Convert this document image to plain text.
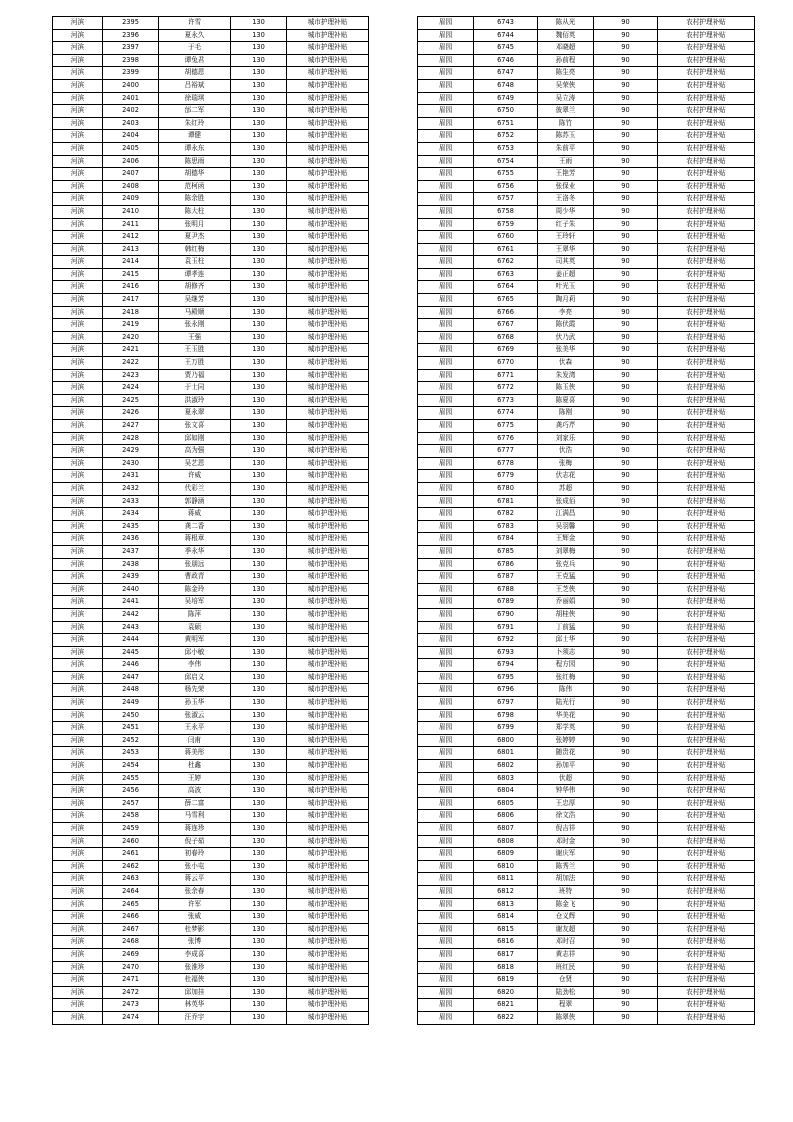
河滨	2395	许雪	130	城市护理补贴
河滨	2396	夏永久	130	城市护理补贴
河滨	2397	于毛	130	城市护理补贴
河滨	2398	谭兔君	130	城市护理补贴
河滨	2399	胡德恩	130	城市护理补贴
河滨	2400	吕裕斌	130	城市护理补贴
河滨	2401	徐瑞琪	130	城市护理补贴
河滨	2402	邰二军	130	城市护理补贴
河滨	2403	朱红玲	130	城市护理补贴
河滨	2404	谭健	130	城市护理补贴
河滨	2405	谭永东	130	城市护理补贴
河滨	2406	陈思雨	130	城市护理补贴
河滨	2407	胡德华	130	城市护理补贴
河滨	2408	范柯函	130	城市护理补贴
河滨	2409	陈余胜	130	城市护理补贴
河滨	2410	陈大柱	130	城市护理补贴
河滨	2411	张明月	130	城市护理补贴
河滨	2412	夏尹杰	130	城市护理补贴
河滨	2413	韩红梅	130	城市护理补贴
河滨	2414	袁玉柱	130	城市护理补贴
河滨	2415	谭孝连	130	城市护理补贴
河滨	2416	胡修齐	130	城市护理补贴
河滨	2417	吴继芳	130	城市护理补贴
河滨	2418	马殿顺	130	城市护理补贴
河滨	2419	张永刚	130	城市护理补贴
河滨	2420	王强	130	城市护理补贴
河滨	2421	王玉胜	130	城市护理补贴
河滨	2422	王万胜	130	城市护理补贴
河滨	2423	贾乃福	130	城市护理补贴
河滨	2424	于士同	130	城市护理补贴
河滨	2425	洪淑玲	130	城市护理补贴
河滨	2426	夏永翠	130	城市护理补贴
河滨	2427	张文喜	130	城市护理补贴
河滨	2428	邱如刚	130	城市护理补贴
河滨	2429	高为强	130	城市护理补贴
河滨	2430	吴艺恩	130	城市护理补贴
河滨	2431	许威	130	城市护理补贴
河滨	2432	代彩兰	130	城市护理补贴
河滨	2433	郭静涵	130	城市护理补贴
河滨	2434	蒋威	130	城市护理补贴
河滨	2435	龚二香	130	城市护理补贴
河滨	2436	蒋根章	130	城市护理补贴
河滨	2437	季永华	130	城市护理补贴
河滨	2438	张朋远	130	城市护理补贴
河滨	2439	曹政青	130	城市护理补贴
河滨	2440	陈金玲	130	城市护理补贴
河滨	2441	吴培军	130	城市护理补贴
河滨	2442	陈萍	130	城市护理补贴
河滨	2443	袁硕	130	城市护理补贴
河滨	2444	黄明军	130	城市护理补贴
河滨	2445	邱小敏	130	城市护理补贴
河滨	2446	李伟	130	城市护理补贴
河滨	2447	邱启义	130	城市护理补贴
河滨	2448	杨先荣	130	城市护理补贴
河滨	2449	孙玉华	130	城市护理补贴
河滨	2450	张淑云	130	城市护理补贴
河滨	2451	王永平	130	城市护理补贴
河滨	2452	闫甫	130	城市护理补贴
河滨	2453	蒋美彤	130	城市护理补贴
河滨	2454	杜鑫	130	城市护理补贴
河滨	2455	王婷	130	城市护理补贴
河滨	2456	高波	130	城市护理补贴
河滨	2457	薛二富	130	城市护理补贴
河滨	2458	马雪利	130	城市护理补贴
河滨	2459	蒋连珍	130	城市护理补贴
河滨	2460	倪子茹	130	城市护理补贴
河滨	2461	初春玲	130	城市护理补贴
河滨	2462	张小屯	130	城市护理补贴
河滨	2463	蒋云平	130	城市护理补贴
河滨	2464	张余春	130	城市护理补贴
河滨	2465	许军	130	城市护理补贴
河滨	2466	张威	130	城市护理补贴
河滨	2467	杜梦影	130	城市护理补贴
河滨	2468	张博	130	城市护理补贴
河滨	2469	李成喜	130	城市护理补贴
河滨	2470	张淮珍	130	城市护理补贴
河滨	2471	杜福侠	130	城市护理补贴
河滨	2472	邱加挂	130	城市护理补贴
河滨	2473	林英华	130	城市护理补贴
河滨	2474	汪乔宇	130	城市护理补贴
眉园	6743	陈从光	90	农村护理补贴
眉园	6744	魏佰英	90	农村护理补贴
眉园	6745	邓晓超	90	农村护理补贴
眉园	6746	孙前程	90	农村护理补贴
眉园	6747	陈生亮	90	农村护理补贴
眉园	6748	吴荣侠	90	农村护理补贴
眉园	6749	吴立涛	90	农村护理补贴
眉园	6750	彼翠兰	90	农村护理补贴
眉园	6751	陈竹	90	农村护理补贴
眉园	6752	陈苏玉	90	农村护理补贴
眉园	6753	朱前平	90	农村护理补贴
眉园	6754	王雨	90	农村护理补贴
眉园	6755	王艳芳	90	农村护理补贴
眉园	6756	张保业	90	农村护理补贴
眉园	6757	王洛冬	90	农村护理补贴
眉园	6758	周少华	90	农村护理补贴
眉园	6759	红子朱	90	农村护理补贴
眉园	6760	王玲轩	90	农村护理补贴
眉园	6761	王翠华	90	农村护理补贴
眉园	6762	司其英	90	农村护理补贴
眉园	6763	姜正超	90	农村护理补贴
眉园	6764	叶光玉	90	农村护理补贴
眉园	6765	陶月莉	90	农村护理补贴
眉园	6766	李亮	90	农村护理补贴
眉园	6767	陈伏霞	90	农村护理补贴
眉园	6768	伏乃武	90	农村护理补贴
眉园	6769	张美华	90	农村护理补贴
眉园	6770	伏森	90	农村护理补贴
眉园	6771	朱发湾	90	农村护理补贴
眉园	6772	陈玉侠	90	农村护理补贴
眉园	6773	陈夏喜	90	农村护理补贴
眉园	6774	陈刚	90	农村护理补贴
眉园	6775	龚巧芹	90	农村护理补贴
眉园	6776	刘家乐	90	农村护理补贴
眉园	6777	伏浩	90	农村护理补贴
眉园	6778	张梅	90	农村护理补贴
眉园	6779	伏志花	90	农村护理补贴
眉园	6780	苏超	90	农村护理补贴
眉园	6781	张成佰	90	农村护理补贴
眉园	6782	江满昌	90	农村护理补贴
眉园	6783	吴羽馨	90	农村护理补贴
眉园	6784	王辉金	90	农村护理补贴
眉园	6785	刘翠梅	90	农村护理补贴
眉园	6786	张克兵	90	农村护理补贴
眉园	6787	王克猛	90	农村护理补贴
眉园	6788	王芝侠	90	农村护理补贴
眉园	6789	乔丽娟	90	农村护理补贴
眉园	6790	胡桂侠	90	农村护理补贴
眉园	6791	丁前猛	90	农村护理补贴
眉园	6792	邱士华	90	农村护理补贴
眉园	6793	卜须志	90	农村护理补贴
眉园	6794	程方园	90	农村护理补贴
眉园	6795	张红梅	90	农村护理补贴
眉园	6796	陈伟	90	农村护理补贴
眉园	6797	陆光行	90	农村护理补贴
眉园	6798	华美花	90	农村护理补贴
眉园	6799	郑学英	90	农村护理补贴
眉园	6800	张婷婷	90	农村护理补贴
眉园	6801	随贵花	90	农村护理补贴
眉园	6802	孙加平	90	农村护理补贴
眉园	6803	伏超	90	农村护理补贴
眉园	6804	钟华伟	90	农村护理补贴
眉园	6805	王忠厚	90	农村护理补贴
眉园	6806	徐文浩	90	农村护理补贴
眉园	6807	倪吉祥	90	农村护理补贴
眉园	6808	邓时金	90	农村护理补贴
眉园	6809	谢庆军	90	农村护理补贴
眉园	6810	陈秀兰	90	农村护理补贴
眉园	6811	胡加法	90	农村护理补贴
眉园	6812	班特	90	农村护理补贴
眉园	6813	陈金飞	90	农村护理补贴
眉园	6814	仓义辉	90	农村护理补贴
眉园	6815	谢友超	90	农村护理补贴
眉园	6816	邓时召	90	农村护理补贴
眉园	6817	黄志祥	90	农村护理补贴
眉园	6818	班红民	90	农村护理补贴
眉园	6819	仓贤	90	农村护理补贴
眉园	6820	陆劲松	90	农村护理补贴
眉园	6821	程翠	90	农村护理补贴
眉园	6822	陈翠侠	90	农村护理补贴
